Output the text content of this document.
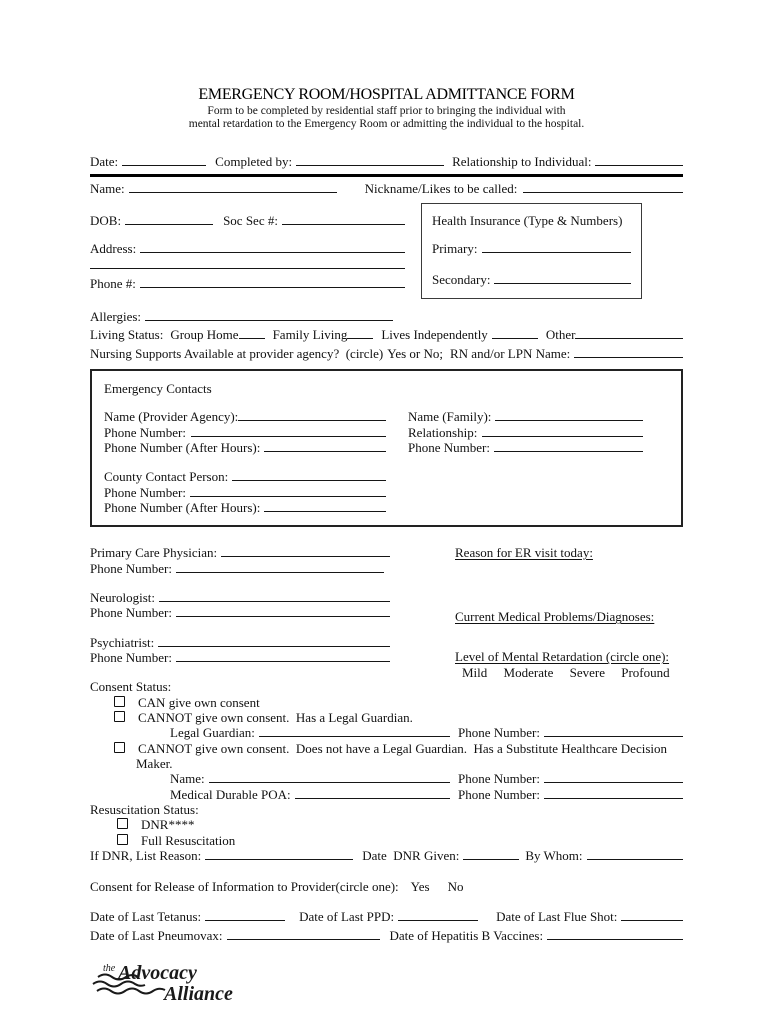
EMERGENCY ROOM/HOSPITAL ADMITTANCE FORM
Form to be completed by residential staff prior to bringing the individual with
mental retardation to the Emergency Room or admitting the individual to the hospital.
Date:	Completed by:	Relationship to Individual:
Name:	Nickname/Likes to be called:
DOB:	Soc Sec #:
Address:
Phone #:
Health Insurance (Type & Numbers)
Primary:
Secondary:
Allergies:
Living Status: Group Home	Family Living	Lives Independently	Other
Nursing Supports Available at provider agency?  (circle) Yes or No; RN and/or LPN Name:
Emergency Contacts
Name (Provider Agency):	Name (Family):
Phone Number:	Relationship:
Phone Number (After Hours):	Phone Number:
County Contact Person:
Phone Number:
Phone Number (After Hours):
Primary Care Physician:
Phone Number:
Neurologist:
Phone Number:
Psychiatrist:
Phone Number:
Reason for ER visit today:
Current Medical Problems/Diagnoses:
Level of Mental Retardation (circle one):
Mild Moderate Severe Profound
Consent Status:
CAN give own consent
CANNOT give own consent.  Has a Legal Guardian.
Legal Guardian:	Phone Number:
CANNOT give own consent.  Does not have a Legal Guardian.  Has a Substitute Healthcare Decision
Maker.
Name:	Phone Number:
Medical Durable POA:	Phone Number:
Resuscitation Status:
DNR****
Full Resuscitation
If DNR, List Reason:	Date  DNR Given:	By Whom:
Consent for Release of Information to Provider(circle one): Yes No
Date of Last Tetanus:	Date of Last PPD:	Date of Last Flue Shot:
Date of Last Pneumovax:	Date of Hepatitis B Vaccines:
the Advocacy
Alliance
